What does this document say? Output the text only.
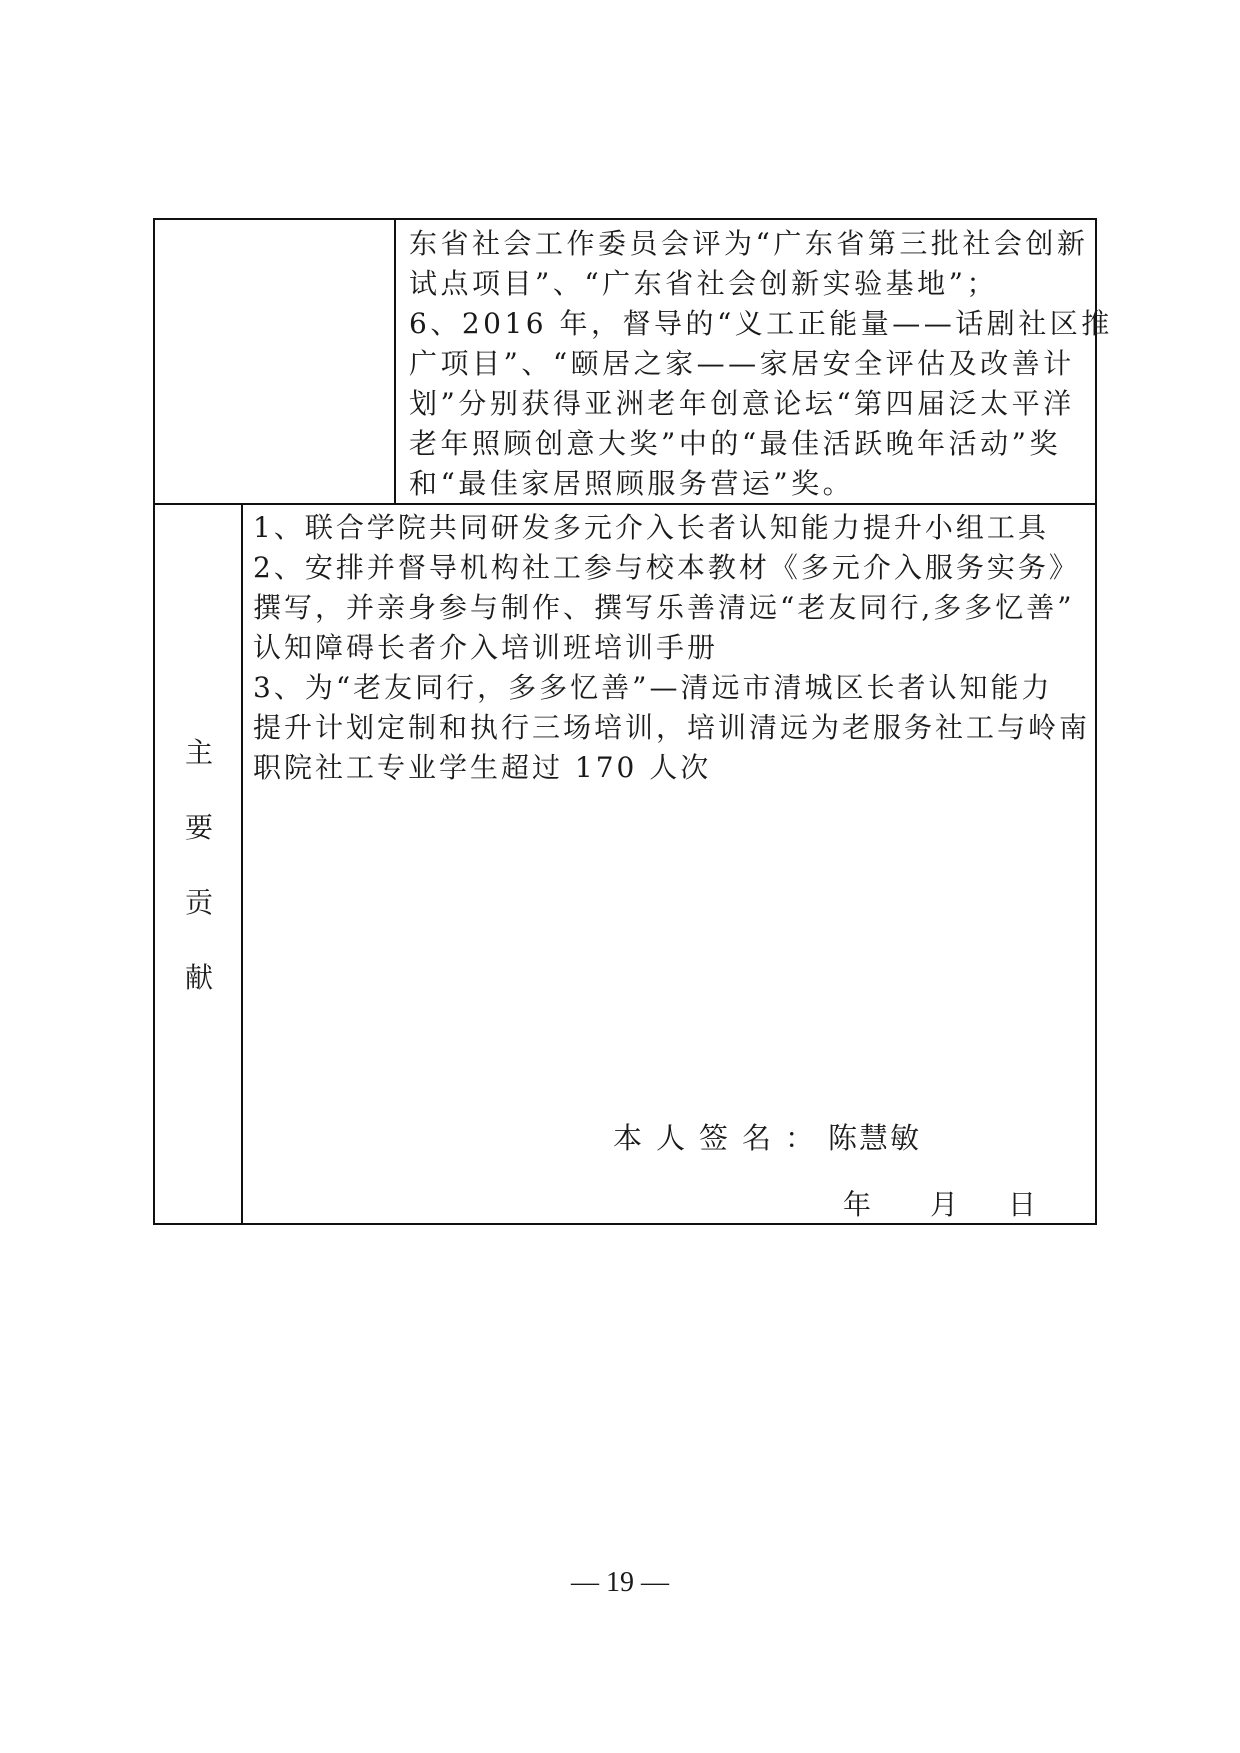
东省社会工作委员会评为“广东省第三批社会创新
试点项目”、“广东省社会创新实验基地”；
6、2016 年，督导的“义工正能量——话剧社区推
广项目”、“颐居之家——家居安全评估及改善计
划”分别获得亚洲老年创意论坛“第四届泛太平洋
老年照顾创意大奖”中的“最佳活跃晚年活动”奖
和“最佳家居照顾服务营运”奖。
主
要
贡
献
1、联合学院共同研发多元介入长者认知能力提升小组工具
2、安排并督导机构社工参与校本教材《多元介入服务实务》
撰写，并亲身参与制作、撰写乐善清远“老友同行,多多忆善”
认知障碍长者介入培训班培训手册
3、为“老友同行，多多忆善”—清远市清城区长者认知能力
提升计划定制和执行三场培训，培训清远为老服务社工与岭南
职院社工专业学生超过 170 人次
本人签名：陈慧敏
年 月 日
— 19 —
